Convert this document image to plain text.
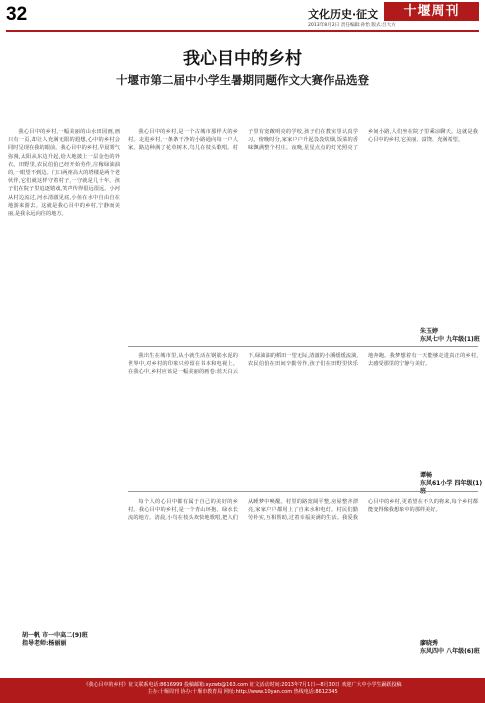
32	文化历史·征文	十堰周刊
2013年8月2日 责任编辑:孙怡 版式:吕大方
我心目中的乡村
十堰市第二届中小学生暑期同题作文大赛作品选登

我心目中的乡村,一幅美丽的山水田园画,画只有一页,却让人充满无限的遐想,心中的乡村会同时呈现在我的眼前。我心目中的乡村,早晨雾气弥漫,太阳从东边升起,给大地披上一层金色的外衣。田野里,农民伯伯已经开始劳作,庄稼绿油油的,一眼望不到边。门口两座高大的塔楼是两个老伙伴,它们就这样守着村子,一守就是几十年。孩子们在院子里追逐嬉戏,笑声传得很远很远。小河从村边流过,河水清澈见底,小鱼在水中自由自在地游来游去。这就是我心目中的乡村,宁静而美丽,是我永远向往的地方。

胡一帆 市一中高二(9)班
指导老师:杨丽丽

我心目中的乡村,是一个古城市那样大的乡村。走进乡村,一条条干净的小路通向每一户人家。路边种满了花草树木,鸟儿在枝头歌唱。村子里有宽敞明亮的学校,孩子们在教室里认真学习。傍晚时分,家家户户升起袅袅炊烟,饭菜的香味飘满整个村庄。夜晚,星星点点的灯光照亮了乡间小路,人们坐在院子里乘凉聊天。这就是我心目中的乡村,它美丽、富饶、充满希望。

朱玉婷
东风七中 九年级(1)班

我出生在城市里,从小就生活在钢筋水泥的世界中,对乡村的印象只停留在书本和电视上。在我心中,乡村应该是一幅美丽的画卷:蓝天白云下,绿油油的稻田一望无际,清澈的小溪缓缓流淌,农民伯伯在田间辛勤劳作,孩子们在田野里快乐地奔跑。我梦想着有一天能够走进真正的乡村,去感受那里的宁静与美好。

谭畅
东风61小学 四年级(1)

每个人的心目中都有属于自己的美好的乡村。我心目中的乡村,是一个青山环抱、绿水长流的地方。清晨,小鸟在枝头欢快地歌唱,把人们从睡梦中唤醒。村里的路宽阔平整,房屋整齐漂亮,家家户户都用上了自来水和电灯。村民们勤劳朴实,互相帮助,过着幸福美满的生活。我爱我心目中的乡村,更希望在不久的将来,每个乡村都能变得像我想象中的那样美好。

廖晓秀
东风四中 八年级(6)班
《我心目中的乡村》征文联系电话:8616999 投稿邮箱:syzwb@163.com 征文活动时间:2013年7月1日—8月30日 欢迎广大中小学生踊跃投稿
主办:十堰周刊 协办:十堰市教育局 网址:http://www.10yan.com 热线电话:8612345
